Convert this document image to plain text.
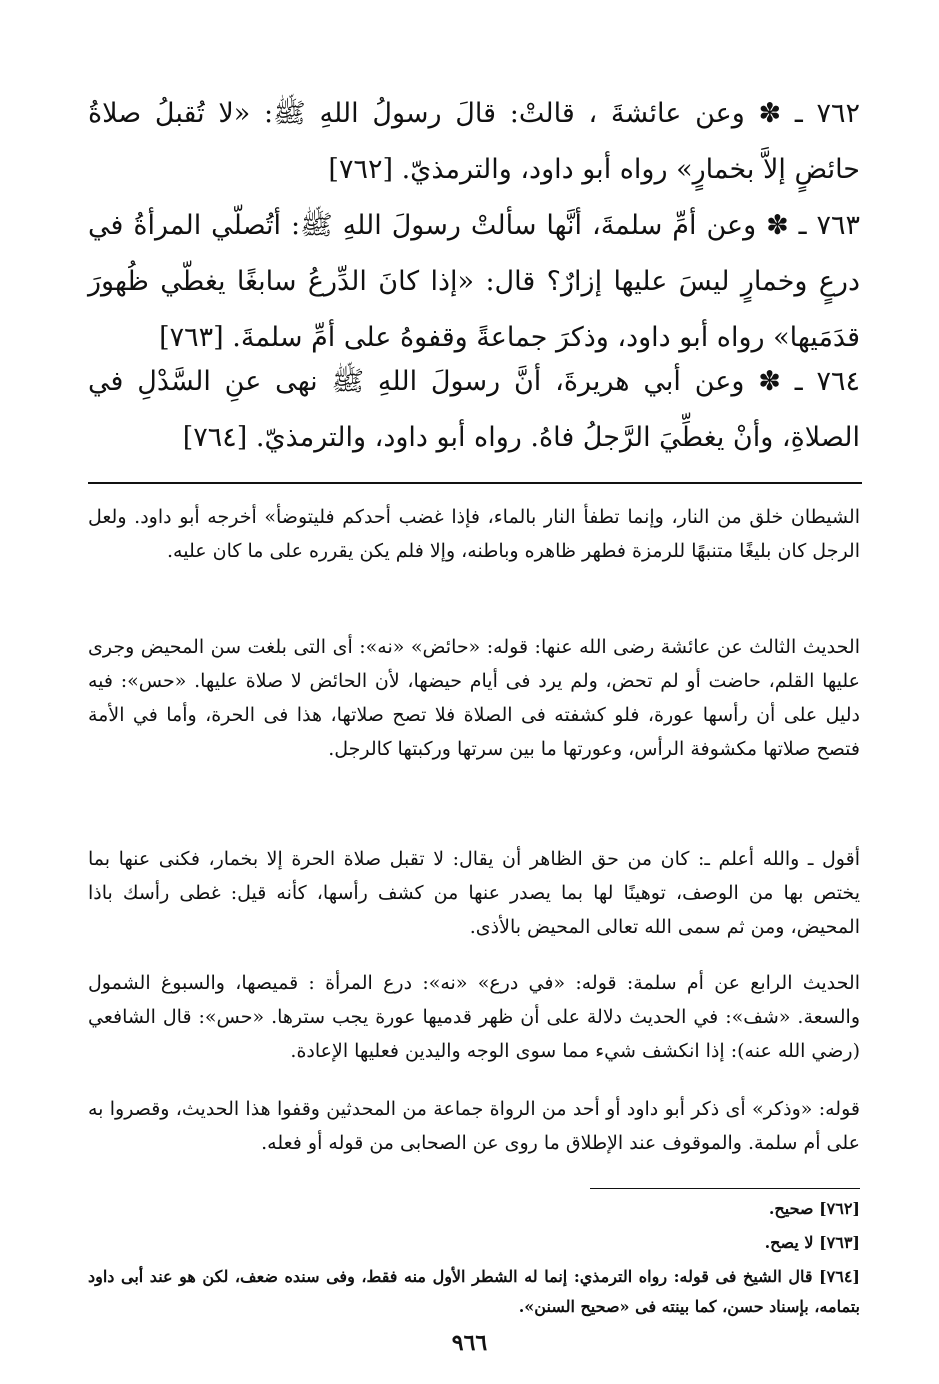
٧٦٢ ـ ✽ وعن عائشةَ ، قالتْ: قالَ رسولُ اللهِ ﷺ: «لا تُقبلُ صلاةُ حائضٍ إلاَّ بخمارٍ» رواه أبو داود، والترمذيّ. [٧٦٢]

٧٦٣ ـ ✽ وعن أمِّ سلمةَ، أنَّها سألتْ رسولَ اللهِ ﷺ: أتُصلّي المرأةُ في درعٍ وخمارٍ ليسَ عليها إزارٌ؟ قال: «إذا كانَ الدِّرعُ سابغًا يغطّي ظُهورَ قدَمَيها» رواه أبو داود، وذكرَ جماعةً وقفوهُ على أمِّ سلمةَ. [٧٦٣]

٧٦٤ ـ ✽ وعن أبي هريرةَ، أنَّ رسولَ اللهِ ﷺ نهى عنِ السَّدْلِ في الصلاةِ، وأنْ يغطِّيَ الرَّجلُ فاهُ. رواه أبو داود، والترمذيّ. [٧٦٤]

الشيطان خلق من النار، وإنما تطفأ النار بالماء، فإذا غضب أحدكم فليتوضأ» أخرجه أبو داود. ولعل الرجل كان بليغًا متنبهًا للرمزة فطهر ظاهره وباطنه، وإلا فلم يكن يقرره على ما كان عليه.

الحديث الثالث عن عائشة رضى الله عنها: قوله: «حائض» «نه»: أى التى بلغت سن المحيض وجرى عليها القلم، حاضت أو لم تحض، ولم يرد فى أيام حيضها، لأن الحائض لا صلاة عليها. «حس»: فيه دليل على أن رأسها عورة، فلو كشفته فى الصلاة فلا تصح صلاتها، هذا فى الحرة، وأما في الأمة فتصح صلاتها مكشوفة الرأس، وعورتها ما بين سرتها وركبتها كالرجل.

أقول ـ والله أعلم ـ: كان من حق الظاهر أن يقال: لا تقبل صلاة الحرة إلا بخمار، فكنى عنها بما يختص بها من الوصف، توهينًا لها بما يصدر عنها من كشف رأسها، كأنه قيل: غطى رأسك باذا المحيض، ومن ثم سمى الله تعالى المحيض بالأذى.

الحديث الرابع عن أم سلمة: قوله: «في درع» «نه»: درع المرأة : قميصها، والسبوغ الشمول والسعة. «شف»: في الحديث دلالة على أن ظهر قدميها عورة يجب سترها. «حس»: قال الشافعي (رضي الله عنه): إذا انكشف شيء مما سوى الوجه واليدين فعليها الإعادة.

قوله: «وذكر» أى ذكر أبو داود أو أحد من الرواة جماعة من المحدثين وقفوا هذا الحديث، وقصروا به على أم سلمة. والموقوف عند الإطلاق ما روى عن الصحابى من قوله أو فعله.

[٧٦٢] صحيح.

[٧٦٣] لا يصح.

[٧٦٤] قال الشيخ فى قوله: رواه الترمذي: إنما له الشطر الأول منه فقط، وفى سنده ضعف، لكن هو عند أبى داود بتمامه، بإسناد حسن، كما بينته فى «صحيح السنن».

٩٦٦
